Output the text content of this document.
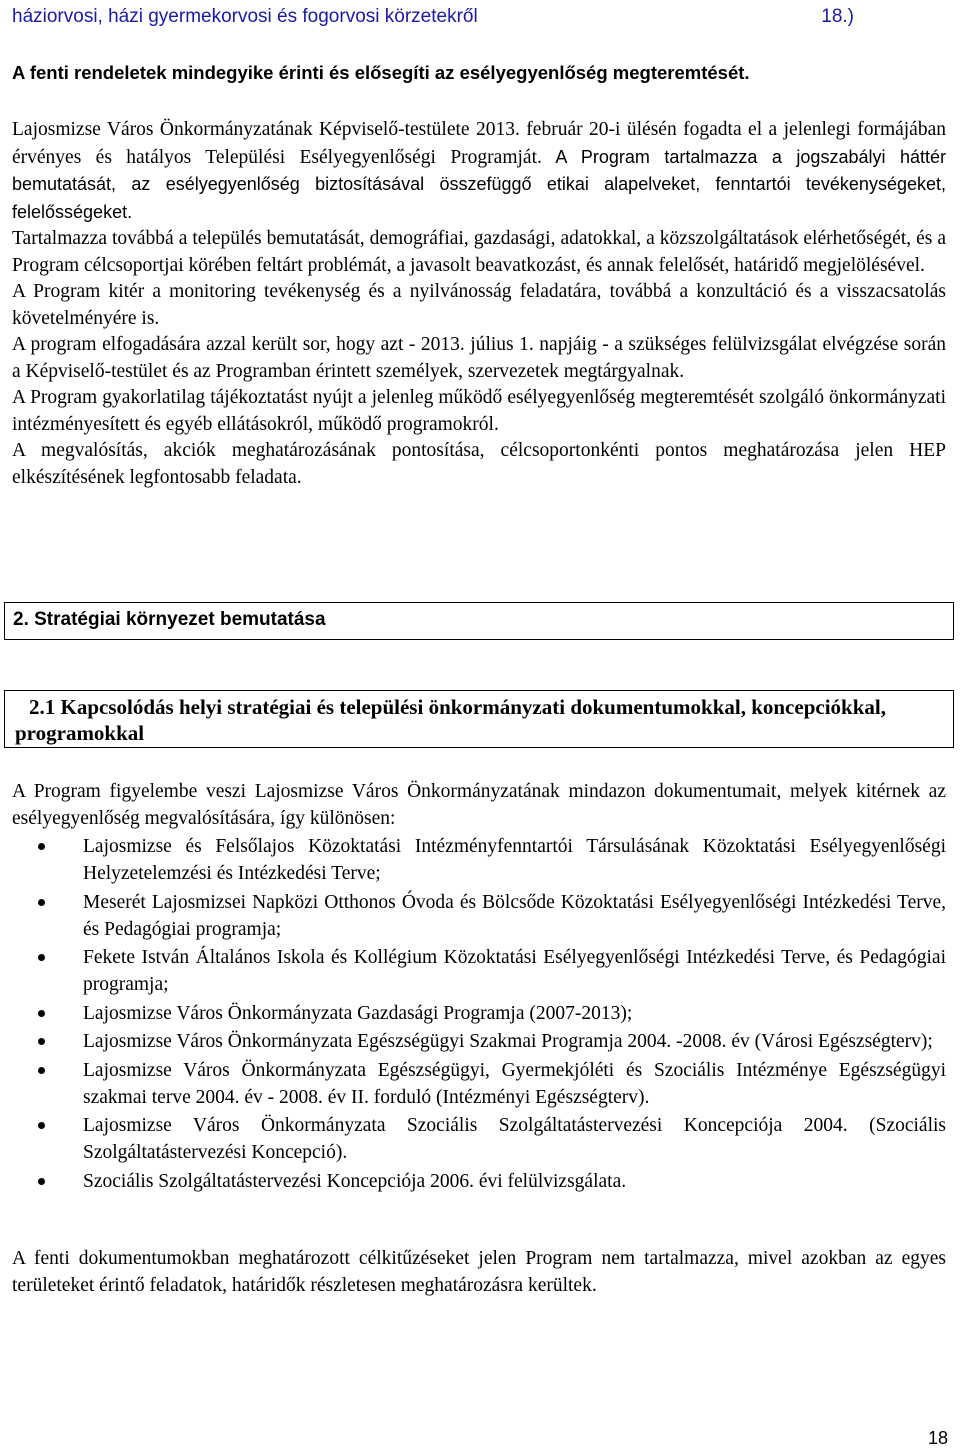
háziorvosi, házi gyermekorvosi és fogorvosi körzetekről	18.)
A fenti rendeletek mindegyike érinti és elősegíti az esélyegyenlőség megteremtését.

Lajosmizse Város Önkormányzatának Képviselő-testülete 2013. február 20-i ülésén fogadta el a jelenlegi formájában érvényes és hatályos Települési Esélyegyenlőségi Programját. A Program tartalmazza a jogszabályi háttér bemutatását, az esélyegyenlőség biztosításával összefüggő etikai alapelveket, fenntartói tevékenységeket, felelősségeket.

Tartalmazza továbbá a település bemutatását, demográfiai, gazdasági, adatokkal, a közszolgáltatások elérhetőségét, és a Program célcsoportjai körében feltárt problémát, a javasolt beavatkozást, és annak felelősét, határidő megjelölésével.

A Program kitér a monitoring tevékenység és a nyilvánosság feladatára, továbbá a konzultáció és a visszacsatolás követelményére is.

A program elfogadására azzal került sor, hogy azt - 2013. július 1. napjáig - a szükséges felülvizsgálat elvégzése során a Képviselő-testület és az Programban érintett személyek, szervezetek megtárgyalnak.

A Program gyakorlatilag tájékoztatást nyújt a jelenleg működő esélyegyenlőség megteremtését szolgáló önkormányzati intézményesített és egyéb ellátásokról, működő programokról.

A megvalósítás, akciók meghatározásának pontosítása, célcsoportonkénti pontos meghatározása jelen HEP elkészítésének legfontosabb feladata.

2. Stratégiai környezet bemutatása
2.1 Kapcsolódás helyi stratégiai és települési önkormányzati dokumentumokkal, koncepciókkal, programokkal

A Program figyelembe veszi Lajosmizse Város Önkormányzatának mindazon dokumentumait, melyek kitérnek az esélyegyenlőség megvalósítására, így különösen:

Lajosmizse és Felsőlajos Közoktatási Intézményfenntartói Társulásának Közoktatási Esélyegyenlőségi Helyzetelemzési és Intézkedési Terve;
Meserét Lajosmizsei Napközi Otthonos Óvoda és Bölcsőde Közoktatási Esélyegyenlőségi Intézkedési Terve, és Pedagógiai programja;
Fekete István Általános Iskola és Kollégium Közoktatási Esélyegyenlőségi Intézkedési Terve, és Pedagógiai programja;
Lajosmizse Város Önkormányzata Gazdasági Programja (2007-2013);
Lajosmizse Város Önkormányzata Egészségügyi Szakmai Programja 2004. -2008. év (Városi Egészségterv);
Lajosmizse Város Önkormányzata Egészségügyi, Gyermekjóléti és Szociális Intézménye Egészségügyi szakmai terve 2004. év - 2008. év II. forduló (Intézményi Egészségterv).
Lajosmizse Város Önkormányzata Szociális Szolgáltatástervezési Koncepciója 2004. (Szociális Szolgáltatástervezési Koncepció).
Szociális Szolgáltatástervezési Koncepciója 2006. évi felülvizsgálata.

A fenti dokumentumokban meghatározott célkitűzéseket jelen Program nem tartalmazza, mivel azokban az egyes területeket érintő feladatok, határidők részletesen meghatározásra kerültek.

18
